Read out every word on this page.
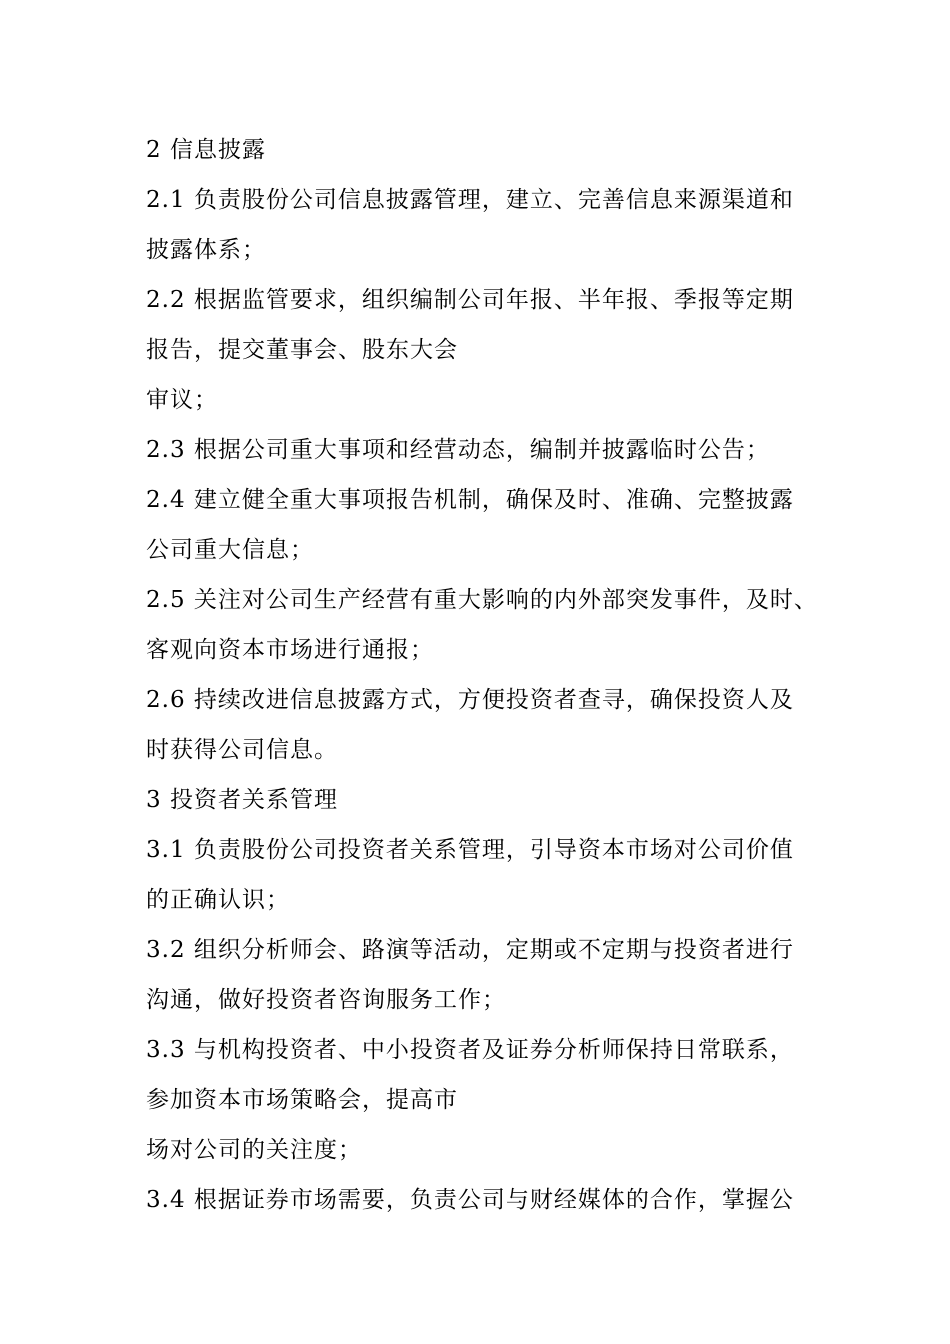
2 信息披露
2.1 负责股份公司信息披露管理，建立、完善信息来源渠道和
披露体系；
2.2 根据监管要求，组织编制公司年报、半年报、季报等定期
报告，提交董事会、股东大会
审议；
2.3 根据公司重大事项和经营动态，编制并披露临时公告；
2.4 建立健全重大事项报告机制，确保及时、准确、完整披露
公司重大信息；
2.5 关注对公司生产经营有重大影响的内外部突发事件，及时、
客观向资本市场进行通报；
2.6 持续改进信息披露方式，方便投资者查寻，确保投资人及
时获得公司信息。
3 投资者关系管理
3.1 负责股份公司投资者关系管理，引导资本市场对公司价值
的正确认识；
3.2 组织分析师会、路演等活动，定期或不定期与投资者进行
沟通，做好投资者咨询服务工作；
3.3 与机构投资者、中小投资者及证券分析师保持日常联系，
参加资本市场策略会，提高市
场对公司的关注度；
3.4 根据证券市场需要，负责公司与财经媒体的合作，掌握公
